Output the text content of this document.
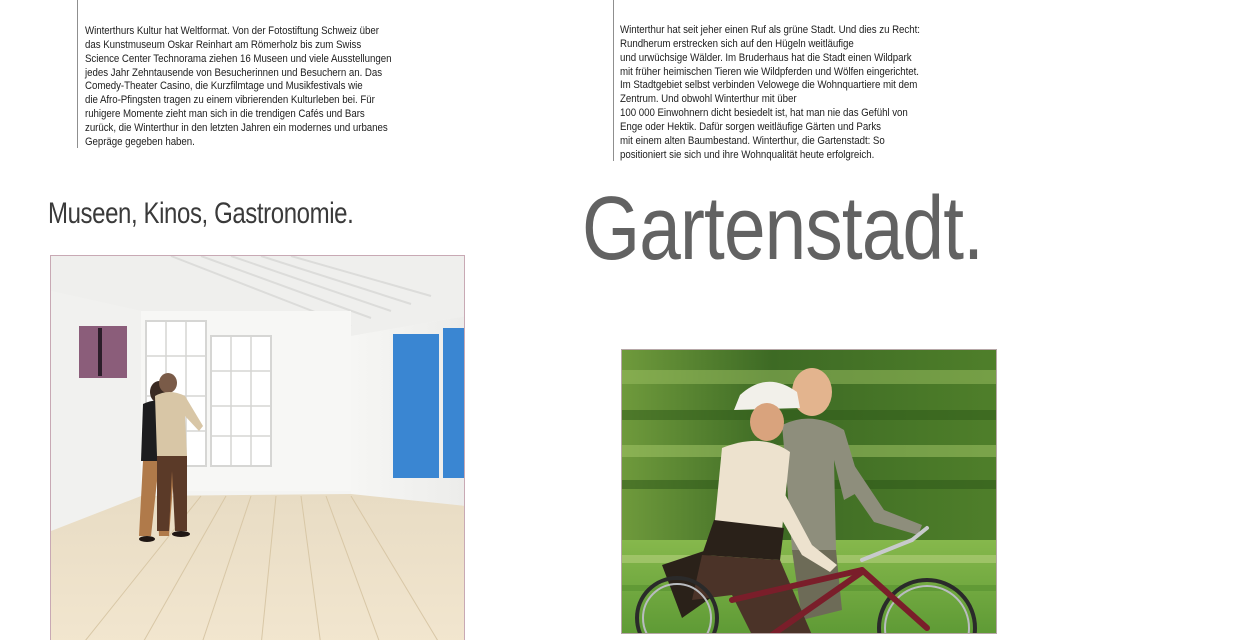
Winterthurs Kultur hat Weltformat. Von der Fotostiftung Schweiz über
das Kunstmuseum Oskar Reinhart am Römerholz bis zum Swiss
Science Center Technorama ziehen 16 Museen und viele Ausstellungen
jedes Jahr Zehntausende von Besucherinnen und Besuchern an. Das
Comedy-Theater Casino, die Kurzfilmtage und Musikfestivals wie
die Afro-Pfingsten tragen zu einem vibrierenden Kulturleben bei. Für
ruhigere Momente zieht man sich in die trendigen Cafés und Bars
zurück, die Winterthur in den letzten Jahren ein modernes und urbanes
Gepräge gegeben haben.
Winterthur hat seit jeher einen Ruf als grüne Stadt. Und dies zu Recht:
Rundherum erstrecken sich auf den Hügeln weitläufige
und urwüchsige Wälder. Im Bruderhaus hat die Stadt einen Wildpark
mit früher heimischen Tieren wie Wildpferden und Wölfen eingerichtet.
Im Stadtgebiet selbst verbinden Velowege die Wohnquartiere mit dem
Zentrum. Und obwohl Winterthur mit über
100 000 Einwohnern dicht besiedelt ist, hat man nie das Gefühl von
Enge oder Hektik. Dafür sorgen weitläufige Gärten und Parks
mit einem alten Baumbestand. Winterthur, die Gartenstadt: So
positioniert sie sich und ihre Wohnqualität heute erfolgreich.
Museen, Kinos, Gastronomie.	Gartenstadt.
